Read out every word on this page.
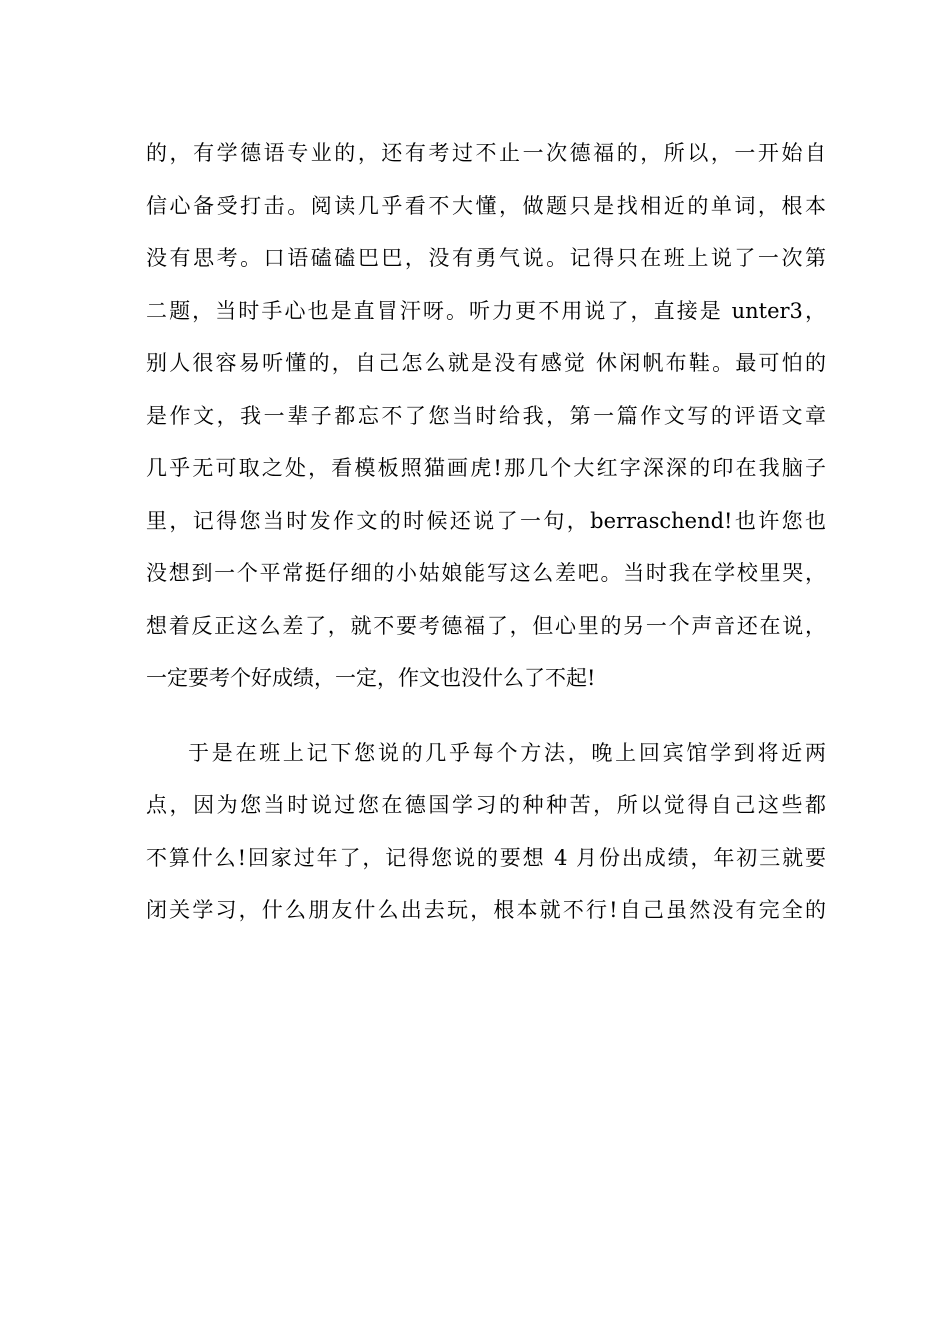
的，有学德语专业的，还有考过不止一次德福的，所以，一开始自
信心备受打击。阅读几乎看不大懂，做题只是找相近的单词，根本
没有思考。口语磕磕巴巴，没有勇气说。记得只在班上说了一次第
二题，当时手心也是直冒汗呀。听力更不用说了，直接是 unter3，
别人很容易听懂的，自己怎么就是没有感觉 休闲帆布鞋。最可怕的
是作文，我一辈子都忘不了您当时给我，第一篇作文写的评语文章
几乎无可取之处，看模板照猫画虎!那几个大红字深深的印在我脑子
里，记得您当时发作文的时候还说了一句，berraschend!也许您也
没想到一个平常挺仔细的小姑娘能写这么差吧。当时我在学校里哭，
想着反正这么差了，就不要考德福了，但心里的另一个声音还在说，
一定要考个好成绩，一定，作文也没什么了不起!
于是在班上记下您说的几乎每个方法，晚上回宾馆学到将近两
点，因为您当时说过您在德国学习的种种苦，所以觉得自己这些都
不算什么!回家过年了，记得您说的要想 4 月份出成绩，年初三就要
闭关学习，什么朋友什么出去玩，根本就不行!自己虽然没有完全的
